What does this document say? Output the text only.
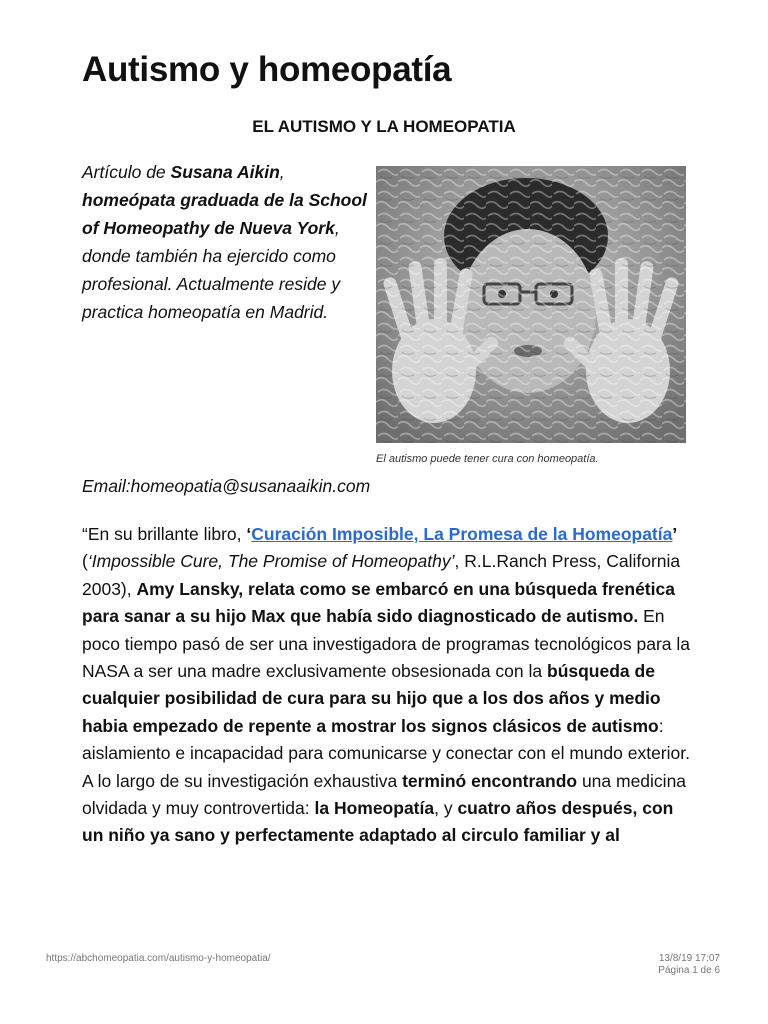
Autismo y homeopatía
EL AUTISMO Y LA HOMEOPATIA

Artículo de Susana Aikin, homeópata graduada de la School of Homeopathy de Nueva York, donde también ha ejercido como profesional. Actualmente reside y practica homeopatía en Madrid.

El autismo puede tener cura con homeopatía.

Email:homeopatia@susanaaikin.com

“En su brillante libro, ‘Curación Imposible, La Promesa de la Homeopatía’ (‘Impossible Cure, The Promise of Homeopathy’, R.L.Ranch Press, California 2003), Amy Lansky, relata como se embarcó en una búsqueda frenética para sanar a su hijo Max que había sido diagnosticado de autismo. En poco tiempo pasó de ser una investigadora de programas tecnológicos para la NASA a ser una madre exclusivamente obsesionada con la búsqueda de cualquier posibilidad de cura para su hijo que a los dos años y medio habia empezado de repente a mostrar los signos clásicos de autismo: aislamiento e incapacidad para comunicarse y conectar con el mundo exterior. A lo largo de su investigación exhaustiva terminó encontrando una medicina olvidada y muy controvertida: la Homeopatía, y cuatro años después, con un niño ya sano y perfectamente adaptado al circulo familiar y al

https://abchomeopatia.com/autismo-y-homeopatia/	13/8/19 17:07
Página 1 de 6
